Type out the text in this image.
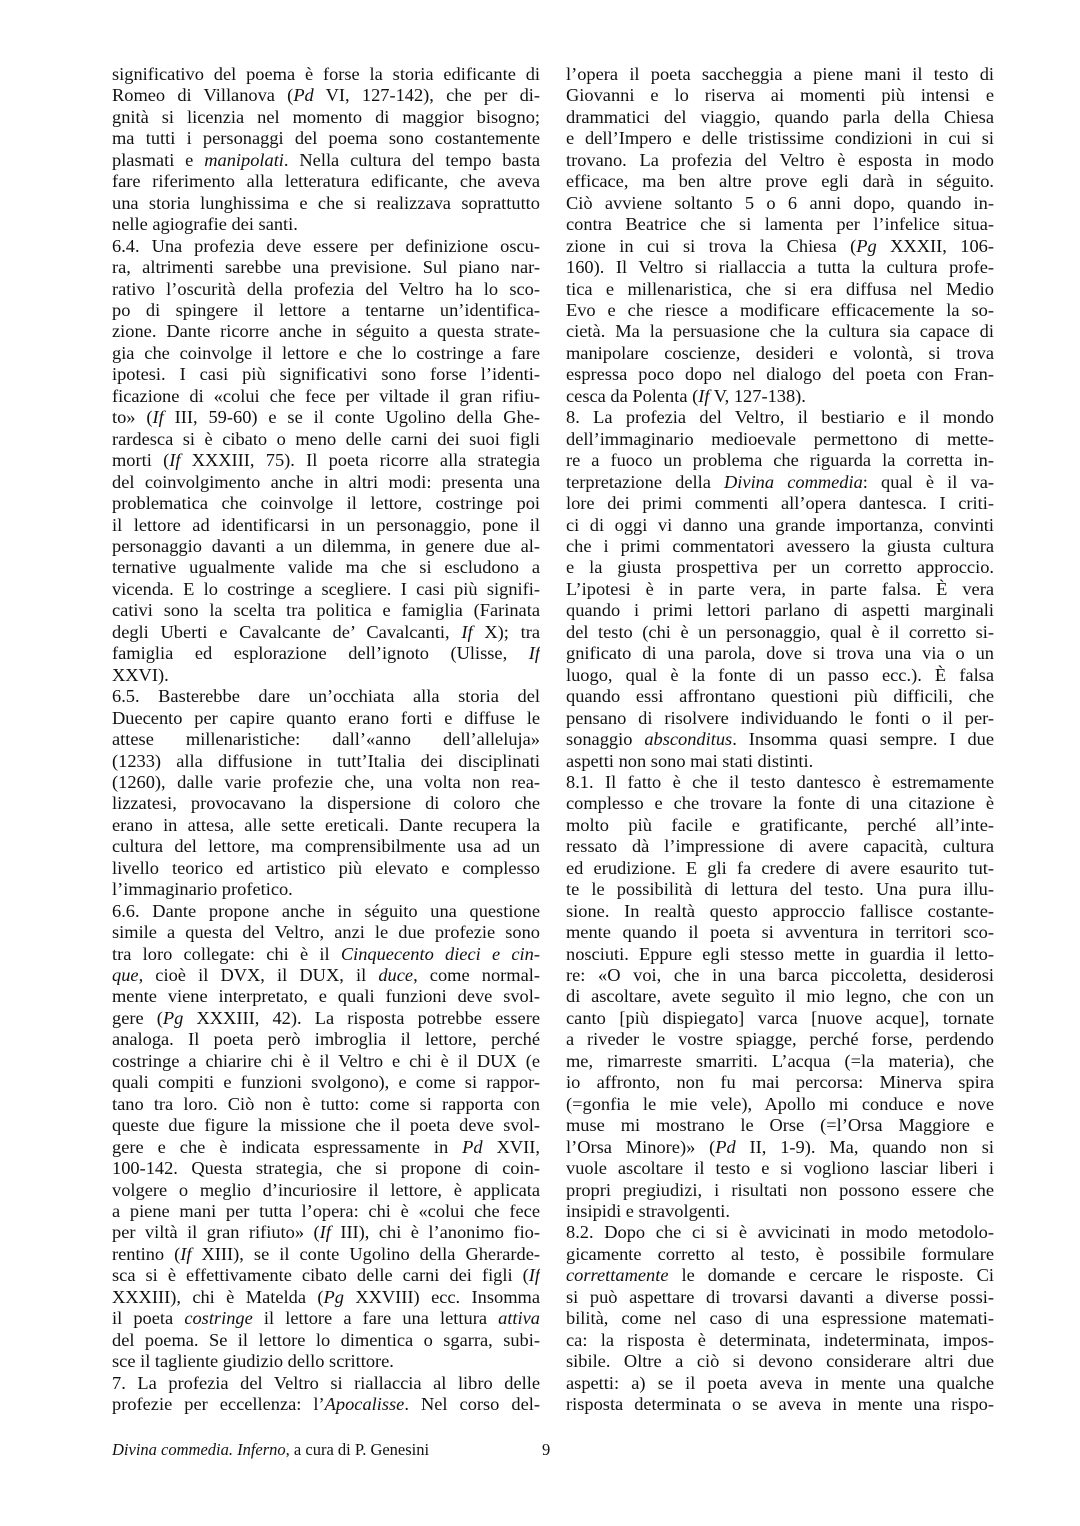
significativo del poema è forse la storia edificante di
Romeo di Villanova (Pd VI, 127-142), che per di-
gnità si licenzia nel momento di maggior bisogno;
ma tutti i personaggi del poema sono costantemente
plasmati e manipolati. Nella cultura del tempo basta
fare riferimento alla letteratura edificante, che aveva
una storia lunghissima e che si realizzava soprattutto
nelle agiografie dei santi.
6.4. Una profezia deve essere per definizione oscu-
ra, altrimenti sarebbe una previsione. Sul piano nar-
rativo l’oscurità della profezia del Veltro ha lo sco-
po di spingere il lettore a tentarne un’identifica-
zione. Dante ricorre anche in séguito a questa strate-
gia che coinvolge il lettore e che lo costringe a fare
ipotesi. I casi più significativi sono forse l’identi-
ficazione di «colui che fece per viltade il gran rifiu-
to» (If III, 59-60) e se il conte Ugolino della Ghe-
rardesca si è cibato o meno delle carni dei suoi figli
morti (If XXXIII, 75). Il poeta ricorre alla strategia
del coinvolgimento anche in altri modi: presenta una
problematica che coinvolge il lettore, costringe poi
il lettore ad identificarsi in un personaggio, pone il
personaggio davanti a un dilemma, in genere due al-
ternative ugualmente valide ma che si escludono a
vicenda. E lo costringe a scegliere. I casi più signifi-
cativi sono la scelta tra politica e famiglia (Farinata
degli Uberti e Cavalcante de’ Cavalcanti, If X); tra
famiglia ed esplorazione dell’ignoto (Ulisse, If
XXVI).
6.5. Basterebbe dare un’occhiata alla storia del
Duecento per capire quanto erano forti e diffuse le
attese millenaristiche: dall’«anno dell’alleluja»
(1233) alla diffusione in tutt’Italia dei disciplinati
(1260), dalle varie profezie che, una volta non rea-
lizzatesi, provocavano la dispersione di coloro che
erano in attesa, alle sette ereticali. Dante recupera la
cultura del lettore, ma comprensibilmente usa ad un
livello teorico ed artistico più elevato e complesso
l’immaginario profetico.
6.6. Dante propone anche in séguito una questione
simile a questa del Veltro, anzi le due profezie sono
tra loro collegate: chi è il Cinquecento dieci e cin-
que, cioè il DVX, il DUX, il duce, come normal-
mente viene interpretato, e quali funzioni deve svol-
gere (Pg XXXIII, 42). La risposta potrebbe essere
analoga. Il poeta però imbroglia il lettore, perché
costringe a chiarire chi è il Veltro e chi è il DUX (e
quali compiti e funzioni svolgono), e come si rappor-
tano tra loro. Ciò non è tutto: come si rapporta con
queste due figure la missione che il poeta deve svol-
gere e che è indicata espressamente in Pd XVII,
100-142. Questa strategia, che si propone di coin-
volgere o meglio d’incuriosire il lettore, è applicata
a piene mani per tutta l’opera: chi è «colui che fece
per viltà il gran rifiuto» (If III), chi è l’anonimo fio-
rentino (If XIII), se il conte Ugolino della Gherarde-
sca si è effettivamente cibato delle carni dei figli (If
XXXIII), chi è Matelda (Pg XXVIII) ecc. Insomma
il poeta costringe il lettore a fare una lettura attiva
del poema. Se il lettore lo dimentica o sgarra, subi-
sce il tagliente giudizio dello scrittore.
7. La profezia del Veltro si riallaccia al libro delle
profezie per eccellenza: l’Apocalisse. Nel corso del-
l’opera il poeta saccheggia a piene mani il testo di
Giovanni e lo riserva ai momenti più intensi e
drammatici del viaggio, quando parla della Chiesa
e dell’Impero e delle tristissime condizioni in cui si
trovano. La profezia del Veltro è esposta in modo
efficace, ma ben altre prove egli darà in séguito.
Ciò avviene soltanto 5 o 6 anni dopo, quando in-
contra Beatrice che si lamenta per l’infelice situa-
zione in cui si trova la Chiesa (Pg XXXII, 106-
160). Il Veltro si riallaccia a tutta la cultura profe-
tica e millenaristica, che si era diffusa nel Medio
Evo e che riesce a modificare efficacemente la so-
cietà. Ma la persuasione che la cultura sia capace di
manipolare coscienze, desideri e volontà, si trova
espressa poco dopo nel dialogo del poeta con Fran-
cesca da Polenta (If V, 127-138).
8. La profezia del Veltro, il bestiario e il mondo
dell’immaginario medioevale permettono di mette-
re a fuoco un problema che riguarda la corretta in-
terpretazione della Divina commedia: qual è il va-
lore dei primi commenti all’opera dantesca. I criti-
ci di oggi vi danno una grande importanza, convinti
che i primi commentatori avessero la giusta cultura
e la giusta prospettiva per un corretto approccio.
L’ipotesi è in parte vera, in parte falsa. È vera
quando i primi lettori parlano di aspetti marginali
del testo (chi è un personaggio, qual è il corretto si-
gnificato di una parola, dove si trova una via o un
luogo, qual è la fonte di un passo ecc.). È falsa
quando essi affrontano questioni più difficili, che
pensano di risolvere individuando le fonti o il per-
sonaggio absconditus. Insomma quasi sempre. I due
aspetti non sono mai stati distinti.
8.1. Il fatto è che il testo dantesco è estremamente
complesso e che trovare la fonte di una citazione è
molto più facile e gratificante, perché all’inte-
ressato dà l’impressione di avere capacità, cultura
ed erudizione. E gli fa credere di avere esaurito tut-
te le possibilità di lettura del testo. Una pura illu-
sione. In realtà questo approccio fallisce costante-
mente quando il poeta si avventura in territori sco-
nosciuti. Eppure egli stesso mette in guardia il letto-
re: «O voi, che in una barca piccoletta, desiderosi
di ascoltare, avete seguìto il mio legno, che con un
canto [più dispiegato] varca [nuove acque], tornate
a riveder le vostre spiagge, perché forse, perdendo
me, rimarreste smarriti. L’acqua (=la materia), che
io affronto, non fu mai percorsa: Minerva spira
(=gonfia le mie vele), Apollo mi conduce e nove
muse mi mostrano le Orse (=l’Orsa Maggiore e
l’Orsa Minore)» (Pd II, 1-9). Ma, quando non si
vuole ascoltare il testo e si vogliono lasciar liberi i
propri pregiudizi, i risultati non possono essere che
insipidi e stravolgenti.
8.2. Dopo che ci si è avvicinati in modo metodolo-
gicamente corretto al testo, è possibile formulare
correttamente le domande e cercare le risposte. Ci
si può aspettare di trovarsi davanti a diverse possi-
bilità, come nel caso di una espressione matemati-
ca: la risposta è determinata, indeterminata, impos-
sibile. Oltre a ciò si devono considerare altri due
aspetti: a) se il poeta aveva in mente una qualche
risposta determinata o se aveva in mente una rispo-
Divina commedia. Inferno, a cura di P. Genesini	9
